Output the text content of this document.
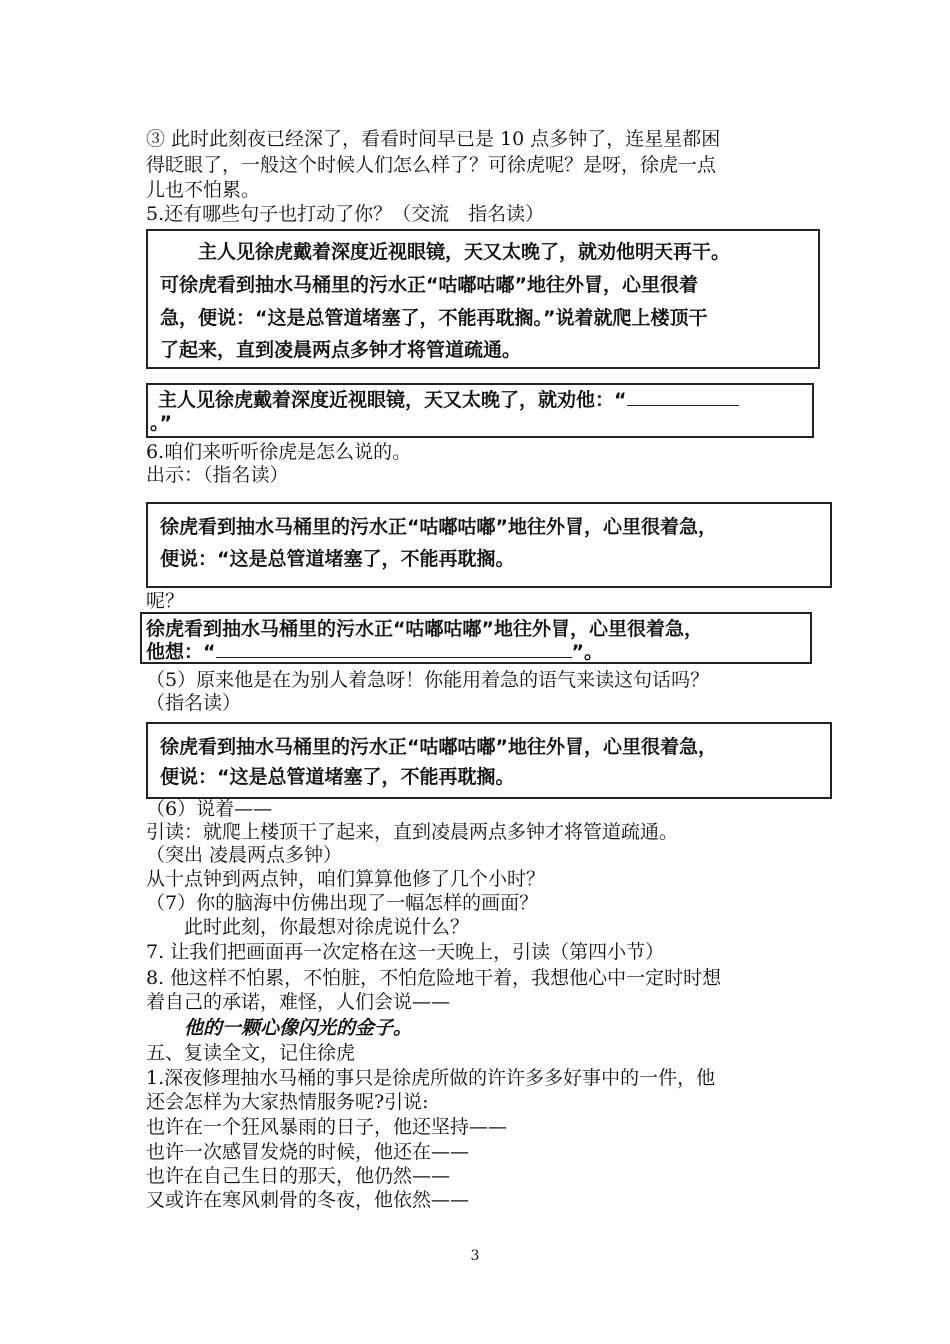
③ 此时此刻夜已经深了，看看时间早已是 10 点多钟了，连星星都困
得眨眼了，一般这个时候人们怎么样了？可徐虎呢？是呀，徐虎一点
儿也不怕累。
5.还有哪些句子也打动了你？（交流　指名读）
　　主人见徐虎戴着深度近视眼镜，天又太晚了，就劝他明天再干。
可徐虎看到抽水马桶里的污水正“咕嘟咕嘟”地往外冒，心里很着
急，便说：“这是总管道堵塞了，不能再耽搁。”说着就爬上楼顶干
了起来，直到凌晨两点多钟才将管道疏通。
主人见徐虎戴着深度近视眼镜，天又太晚了，就劝他：“
。”
6.咱们来听听徐虎是怎么说的。
出示：（指名读）
徐虎看到抽水马桶里的污水正“咕嘟咕嘟”地往外冒，心里很着急，
便说：“这是总管道堵塞了，不能再耽搁。
呢？
徐虎看到抽水马桶里的污水正“咕嘟咕嘟”地往外冒，心里很着急，
他想：“	”。
（5）原来他是在为别人着急呀！你能用着急的语气来读这句话吗？
（指名读）
徐虎看到抽水马桶里的污水正“咕嘟咕嘟”地往外冒，心里很着急，
便说：“这是总管道堵塞了，不能再耽搁。
（6）说着——
引读：就爬上楼顶干了起来，直到凌晨两点多钟才将管道疏通。
（突出 凌晨两点多钟）
从十点钟到两点钟，咱们算算他修了几个小时？
（7）你的脑海中仿佛出现了一幅怎样的画面？
　　此时此刻，你最想对徐虎说什么？
7. 让我们把画面再一次定格在这一天晚上，引读（第四小节）
8. 他这样不怕累，不怕脏，不怕危险地干着，我想他心中一定时时想
着自己的承诺，难怪，人们会说——
　　他的一颗心像闪光的金子。
五、复读全文，记住徐虎
1.深夜修理抽水马桶的事只是徐虎所做的许许多多好事中的一件，他
还会怎样为大家热情服务呢?引说:
也许在一个狂风暴雨的日子，他还坚持——
也许一次感冒发烧的时候，他还在——
也许在自己生日的那天，他仍然——
又或许在寒风刺骨的冬夜，他依然——
3
